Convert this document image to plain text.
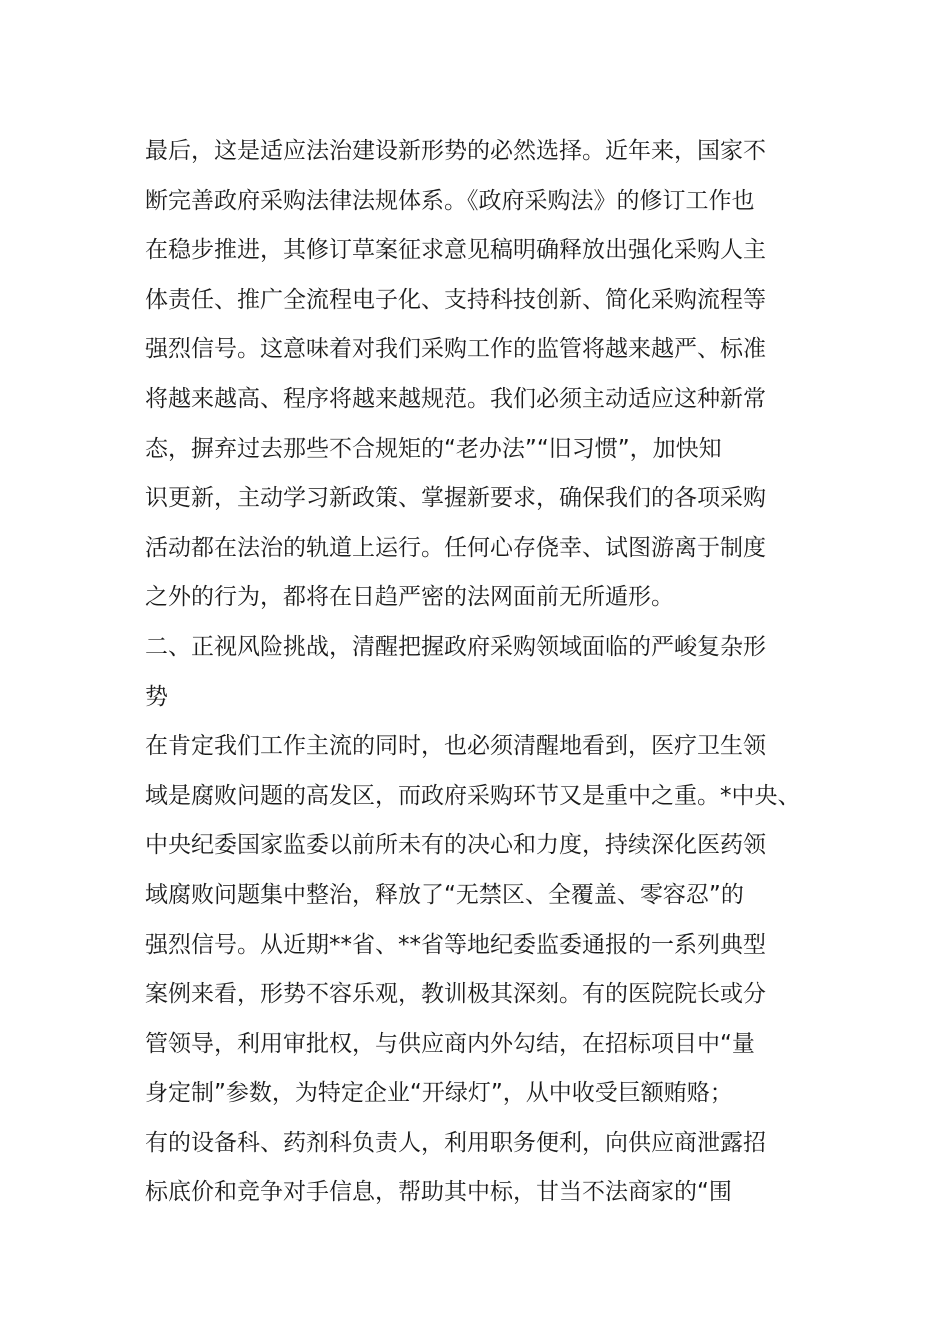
最后，这是适应法治建设新形势的必然选择。近年来，国家不
断完善政府采购法律法规体系。《政府采购法》的修订工作也
在稳步推进，其修订草案征求意见稿明确释放出强化采购人主
体责任、推广全流程电子化、支持科技创新、简化采购流程等
强烈信号。这意味着对我们采购工作的监管将越来越严、标准
将越来越高、程序将越来越规范。我们必须主动适应这种新常
态，摒弃过去那些不合规矩的“老办法”“旧习惯”，加快知
识更新，主动学习新政策、掌握新要求，确保我们的各项采购
活动都在法治的轨道上运行。任何心存侥幸、试图游离于制度
之外的行为，都将在日趋严密的法网面前无所遁形。
二、正视风险挑战，清醒把握政府采购领域面临的严峻复杂形
势
在肯定我们工作主流的同时，也必须清醒地看到，医疗卫生领
域是腐败问题的高发区，而政府采购环节又是重中之重。*中央、
中央纪委国家监委以前所未有的决心和力度，持续深化医药领
域腐败问题集中整治，释放了“无禁区、全覆盖、零容忍”的
强烈信号。从近期**省、**省等地纪委监委通报的一系列典型
案例来看，形势不容乐观，教训极其深刻。有的医院院长或分
管领导，利用审批权，与供应商内外勾结，在招标项目中“量
身定制”参数，为特定企业“开绿灯”，从中收受巨额贿赂；
有的设备科、药剂科负责人，利用职务便利，向供应商泄露招
标底价和竞争对手信息，帮助其中标，甘当不法商家的“围
